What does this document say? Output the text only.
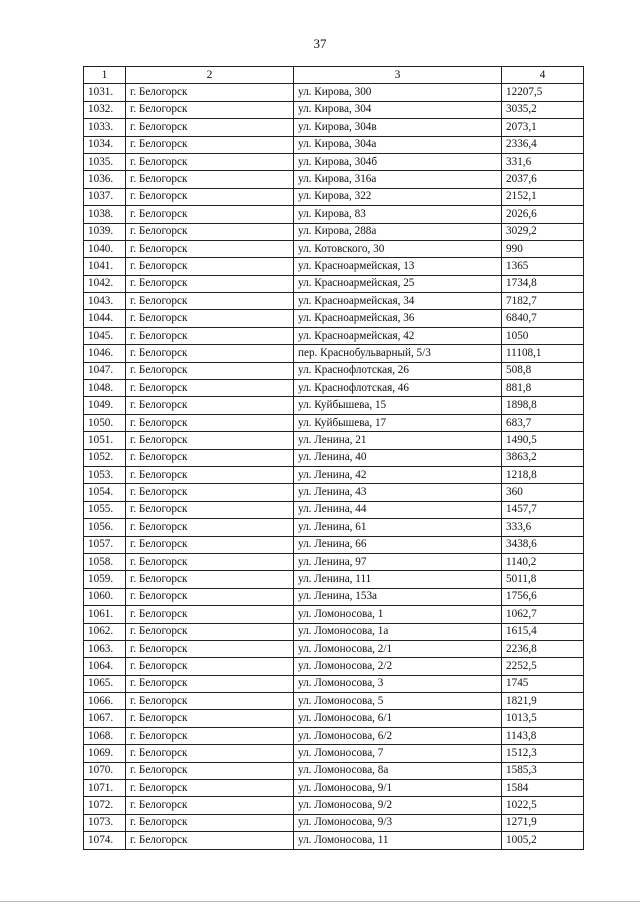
37
1	2	3	4
1031.	г. Белогорск	ул. Кирова, 300	12207,5
1032.	г. Белогорск	ул. Кирова, 304	3035,2
1033.	г. Белогорск	ул. Кирова, 304в	2073,1
1034.	г. Белогорск	ул. Кирова, 304а	2336,4
1035.	г. Белогорск	ул. Кирова, 304б	331,6
1036.	г. Белогорск	ул. Кирова, 316а	2037,6
1037.	г. Белогорск	ул. Кирова, 322	2152,1
1038.	г. Белогорск	ул. Кирова, 83	2026,6
1039.	г. Белогорск	ул. Кирова, 288а	3029,2
1040.	г. Белогорск	ул. Котовского, 30	990
1041.	г. Белогорск	ул. Красноармейская, 13	1365
1042.	г. Белогорск	ул. Красноармейская, 25	1734,8
1043.	г. Белогорск	ул. Красноармейская, 34	7182,7
1044.	г. Белогорск	ул. Красноармейская, 36	6840,7
1045.	г. Белогорск	ул. Красноармейская, 42	1050
1046.	г. Белогорск	пер. Краснобульварный, 5/3	11108,1
1047.	г. Белогорск	ул. Краснофлотская, 26	508,8
1048.	г. Белогорск	ул. Краснофлотская, 46	881,8
1049.	г. Белогорск	ул. Куйбышева, 15	1898,8
1050.	г. Белогорск	ул. Куйбышева, 17	683,7
1051.	г. Белогорск	ул. Ленина, 21	1490,5
1052.	г. Белогорск	ул. Ленина, 40	3863,2
1053.	г. Белогорск	ул. Ленина, 42	1218,8
1054.	г. Белогорск	ул. Ленина, 43	360
1055.	г. Белогорск	ул. Ленина, 44	1457,7
1056.	г. Белогорск	ул. Ленина, 61	333,6
1057.	г. Белогорск	ул. Ленина, 66	3438,6
1058.	г. Белогорск	ул. Ленина, 97	1140,2
1059.	г. Белогорск	ул. Ленина, 111	5011,8
1060.	г. Белогорск	ул. Ленина, 153а	1756,6
1061.	г. Белогорск	ул. Ломоносова, 1	1062,7
1062.	г. Белогорск	ул. Ломоносова, 1а	1615,4
1063.	г. Белогорск	ул. Ломоносова, 2/1	2236,8
1064.	г. Белогорск	ул. Ломоносова, 2/2	2252,5
1065.	г. Белогорск	ул. Ломоносова, 3	1745
1066.	г. Белогорск	ул. Ломоносова, 5	1821,9
1067.	г. Белогорск	ул. Ломоносова, 6/1	1013,5
1068.	г. Белогорск	ул. Ломоносова, 6/2	1143,8
1069.	г. Белогорск	ул. Ломоносова, 7	1512,3
1070.	г. Белогорск	ул. Ломоносова, 8а	1585,3
1071.	г. Белогорск	ул. Ломоносова, 9/1	1584
1072.	г. Белогорск	ул. Ломоносова, 9/2	1022,5
1073.	г. Белогорск	ул. Ломоносова, 9/3	1271,9
1074.	г. Белогорск	ул. Ломоносова, 11	1005,2
